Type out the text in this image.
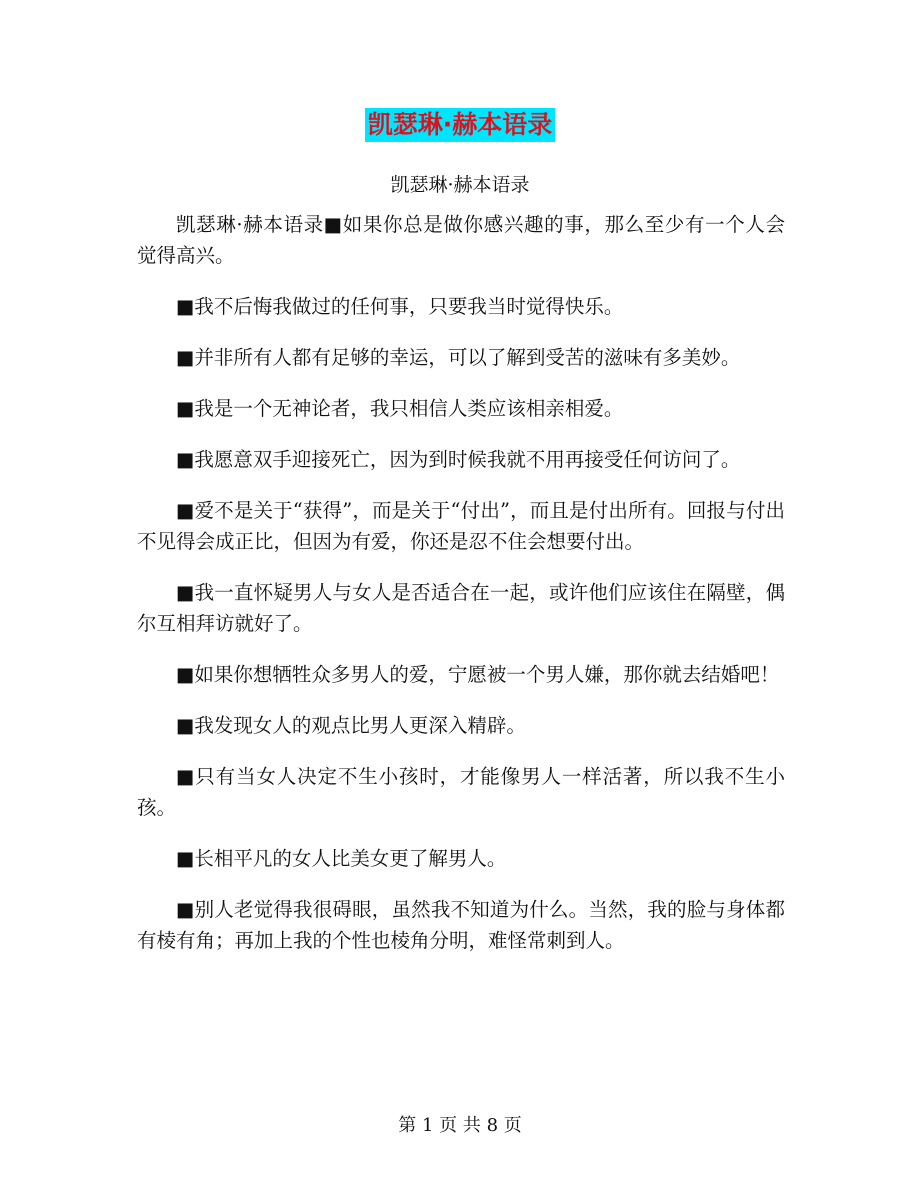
凯瑟琳·赫本语录
凯瑟琳·赫本语录

凯瑟琳·赫本语录■如果你总是做你感兴趣的事，那么至少有一个人会觉得高兴。

■我不后悔我做过的任何事，只要我当时觉得快乐。

■并非所有人都有足够的幸运，可以了解到受苦的滋味有多美妙。

■我是一个无神论者，我只相信人类应该相亲相爱。

■我愿意双手迎接死亡，因为到时候我就不用再接受任何访问了。

■爱不是关于“获得”，而是关于“付出”，而且是付出所有。回报与付出不见得会成正比，但因为有爱，你还是忍不住会想要付出。

■我一直怀疑男人与女人是否适合在一起，或许他们应该住在隔壁，偶尔互相拜访就好了。

■如果你想牺牲众多男人的爱，宁愿被一个男人嫌，那你就去结婚吧！

■我发现女人的观点比男人更深入精辟。

■只有当女人决定不生小孩时，才能像男人一样活著，所以我不生小孩。

■长相平凡的女人比美女更了解男人。

■别人老觉得我很碍眼，虽然我不知道为什么。当然，我的脸与身体都有棱有角；再加上我的个性也棱角分明，难怪常刺到人。

第 1 页 共 8 页
